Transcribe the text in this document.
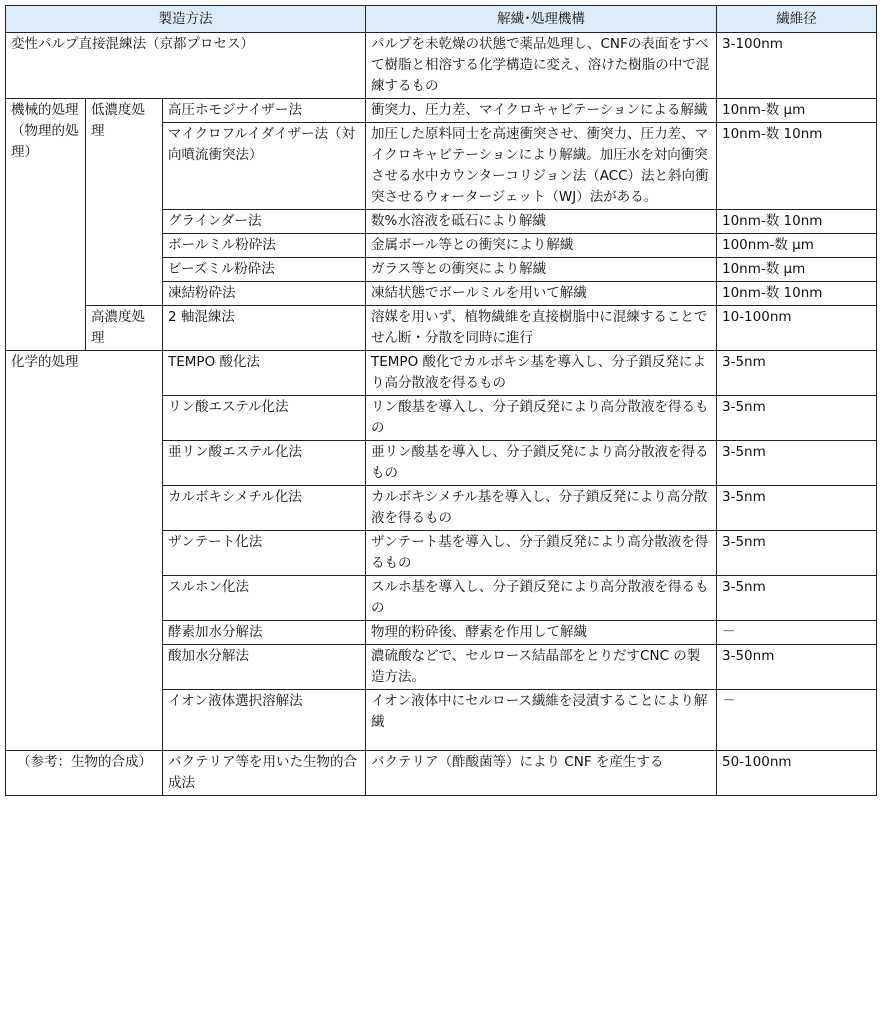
製造方法			解繊･処理機構	繊維径
変性パルプ直接混練法（京都プロセス）			パルプを未乾燥の状態で薬品処理し、CNFの表面をすべて樹脂と相溶する化学構造に変え、溶けた樹脂の中で混練するもの	3-100nm
機械的処理（物理的処理）	低濃度処理	高圧ホモジナイザー法	衝突力、圧力差、マイクロキャビテーションによる解繊	10nm-数 μm
		マイクロフルイダイザー法（対向噴流衝突法）	加圧した原料同士を高速衝突させ、衝突力、圧力差、マイクロキャビテーションにより解繊。加圧水を対向衝突させる水中カウンターコリジョン法（ACC）法と斜向衝突させるウォータージェット（WJ）法がある。	10nm-数 10nm
		グラインダー法	数%水溶液を砥石により解繊	10nm-数 10nm
		ボールミル粉砕法	金属ボール等との衝突により解繊	100nm-数 μm
		ビーズミル粉砕法	ガラス等との衝突により解繊	10nm-数 μm
		凍結粉砕法	凍結状態でボールミルを用いて解繊	10nm-数 10nm
	高濃度処理	2 軸混練法	溶媒を用いず、植物繊維を直接樹脂中に混練することでせん断・分散を同時に進行	10-100nm
化学的処理		TEMPO 酸化法	TEMPO 酸化でカルボキシ基を導入し、分子鎖反発により高分散液を得るもの	3-5nm
		リン酸エステル化法	リン酸基を導入し、分子鎖反発により高分散液を得るもの	3-5nm
		亜リン酸エステル化法	亜リン酸基を導入し、分子鎖反発により高分散液を得るもの	3-5nm
		カルボキシメチル化法	カルボキシメチル基を導入し、分子鎖反発により高分散液を得るもの	3-5nm
		ザンテート化法	ザンテート基を導入し、分子鎖反発により高分散液を得るもの	3-5nm
		スルホン化法	スルホ基を導入し、分子鎖反発により高分散液を得るもの	3-5nm
		酵素加水分解法	物理的粉砕後、酵素を作用して解繊	－
		酸加水分解法	濃硫酸などで、セルロース結晶部をとりだすCNC の製造方法。	3-50nm
		イオン液体選択溶解法	イオン液体中にセルロース繊維を浸漬することにより解繊	－
（参考：生物的合成）		バクテリア等を用いた生物的合成法	バクテリア（酢酸菌等）により CNF を産生する	50-100nm
